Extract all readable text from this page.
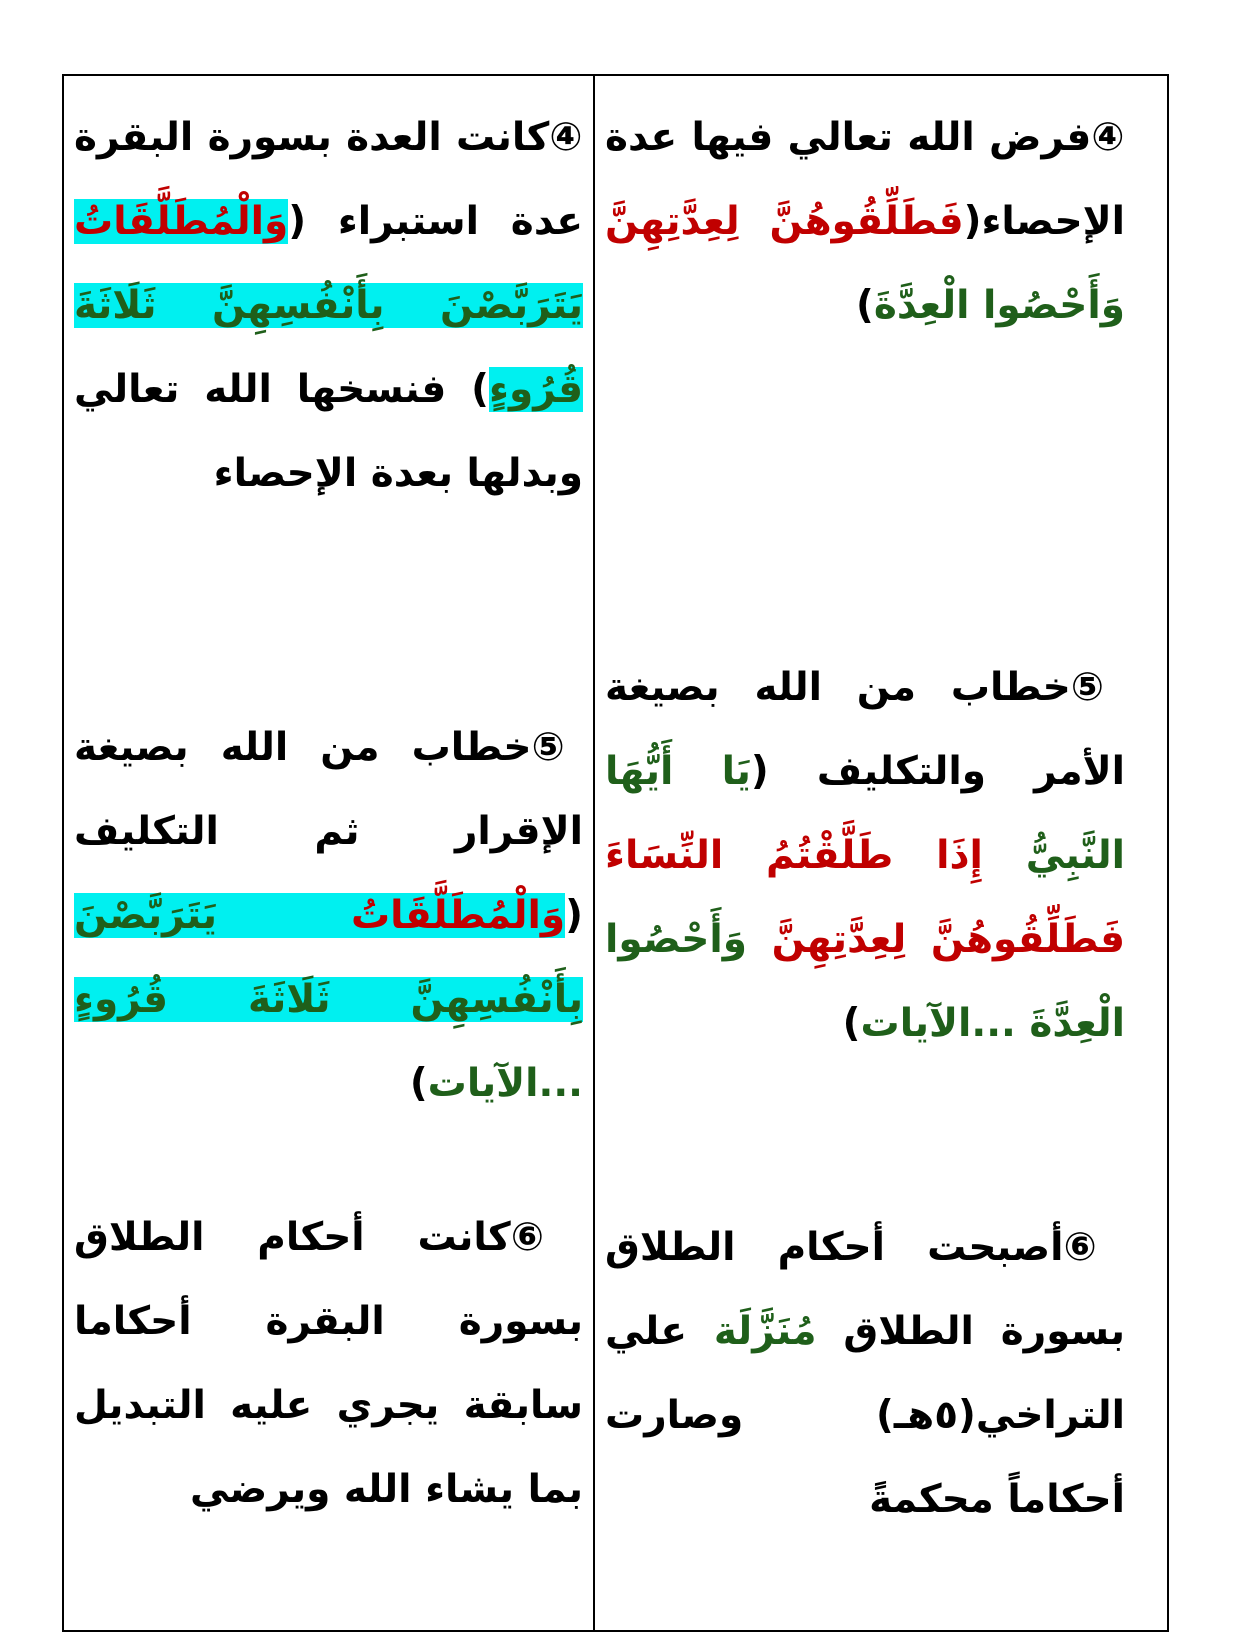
④فرض الله تعالي فيها عدة الإحصاء(فَطَلِّقُوهُنَّ لِعِدَّتِهِنَّ وَأَحْصُوا الْعِدَّةَ)
⑤خطاب من الله بصيغة الأمر والتكليف (يَا أَيُّهَا النَّبِيُّ إِذَا طَلَّقْتُمُ النِّسَاءَ فَطَلِّقُوهُنَّ لِعِدَّتِهِنَّ وَأَحْصُوا الْعِدَّةَ ...الآيات)
⑥أصبحت أحكام الطلاق بسورة الطلاق مُنَزَّلَة علي التراخي(٥هـ) وصارت أحكاماً محكمةً
④كانت العدة بسورة البقرة عدة استبراء (وَالْمُطَلَّقَاتُ يَتَرَبَّصْنَ بِأَنْفُسِهِنَّ ثَلَاثَةَ قُرُوءٍ) فنسخها الله تعالي وبدلها بعدة الإحصاء
⑤خطاب من الله بصيغة الإقرار ثم التكليف (وَالْمُطَلَّقَاتُ يَتَرَبَّصْنَ بِأَنْفُسِهِنَّ ثَلَاثَةَ قُرُوءٍ ...الآيات)
⑥كانت أحكام الطلاق بسورة البقرة أحكاما سابقة يجري عليه التبديل بما يشاء الله ويرضي
